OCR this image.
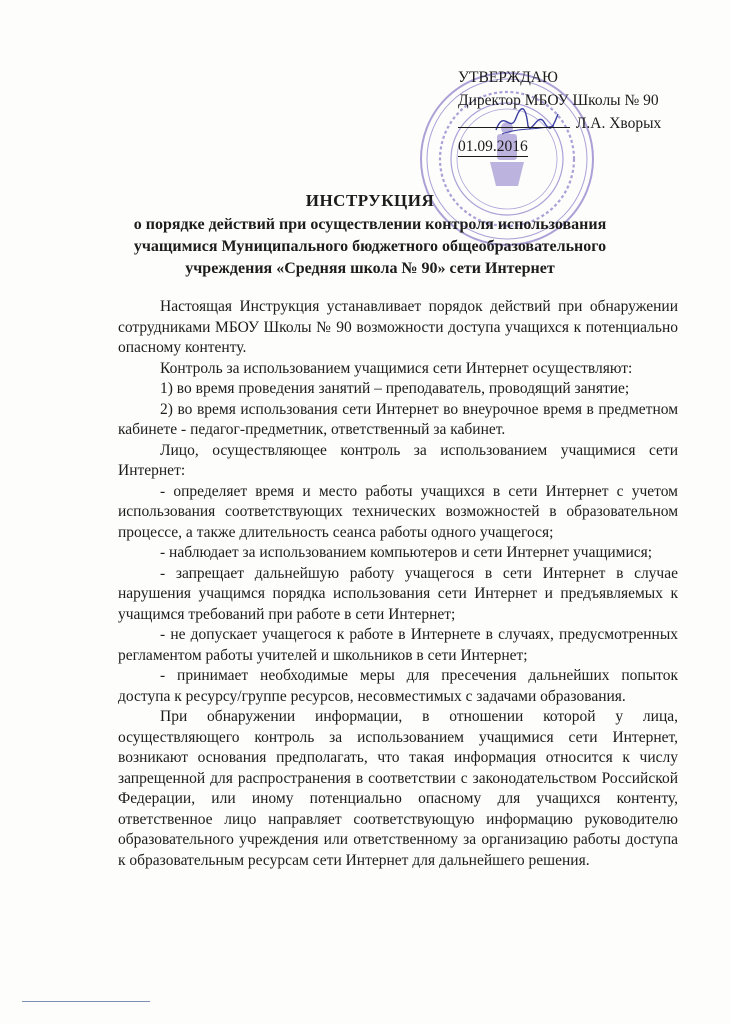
УТВЕРЖДАЮ
Директор МБОУ Школы № 90
Л.А. Хворых
01.09.2016
ИНСТРУКЦИЯ
о порядке действий при осуществлении контроля использования
учащимися Муниципального бюджетного общеобразовательного
учреждения «Средняя школа № 90» сети Интернет

Настоящая Инструкция устанавливает порядок действий при обнаружении сотрудниками МБОУ Школы № 90 возможности доступа учащихся к потенциально опасному контенту.

Контроль за использованием учащимися сети Интернет осуществляют:

1) во время проведения занятий – преподаватель, проводящий занятие;

2) во время использования сети Интернет во внеурочное время в предметном кабинете - педагог-предметник, ответственный за кабинет.

Лицо, осуществляющее контроль за использованием учащимися сети Интернет:

- определяет время и место работы учащихся в сети Интернет с учетом использования соответствующих технических возможностей в образовательном процессе, а также длительность сеанса работы одного учащегося;

- наблюдает за использованием компьютеров и сети Интернет учащимися;

- запрещает дальнейшую работу учащегося в сети Интернет в случае нарушения учащимся порядка использования сети Интернет и предъявляемых к учащимся требований при работе в сети Интернет;

- не допускает учащегося к работе в Интернете в случаях, предусмотренных регламентом работы учителей и школьников в сети Интернет;

- принимает необходимые меры для пресечения дальнейших попыток доступа к ресурсу/группе ресурсов, несовместимых с задачами образования.

При обнаружении информации, в отношении которой у лица, осуществляющего контроль за использованием учащимися сети Интернет, возникают основания предполагать, что такая информация относится к числу запрещенной для распространения в соответствии с законодательством Российской Федерации, или иному потенциально опасному для учащихся контенту, ответственное лицо направляет соответствующую информацию руководителю образовательного учреждения или ответственному за организацию работы доступа к образовательным ресурсам сети Интернет для дальнейшего решения.
